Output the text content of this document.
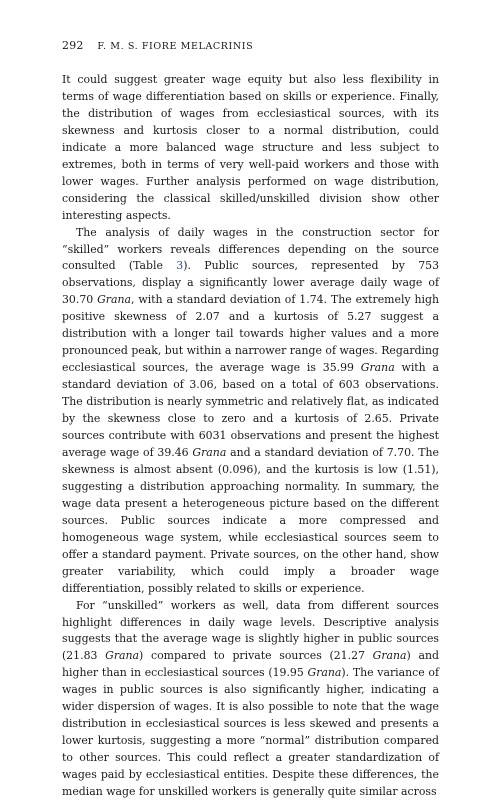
292 F. M. S. FIORE MELACRINIS

It could suggest greater wage equity but also less flexibility in terms of wage differentiation based on skills or experience. Finally, the distribution of wages from ecclesiastical sources, with its skewness and kurtosis closer to a normal distribution, could indicate a more balanced wage structure and less subject to extremes, both in terms of very well-paid workers and those with lower wages. Further analysis performed on wage distribution, considering the classical skilled/unskilled division show other interesting aspects.

The analysis of daily wages in the construction sector for “skilled” workers reveals differences depending on the source consulted (Table 3). Public sources, represented by 753 observations, display a significantly lower average daily wage of 30.70 Grana, with a standard deviation of 1.74. The extremely high positive skewness of 2.07 and a kurtosis of 5.27 suggest a distribution with a longer tail towards higher values and a more pronounced peak, but within a narrower range of wages. Regarding ecclesiastical sources, the average wage is 35.99 Grana with a standard deviation of 3.06, based on a total of 603 observations. The distribution is nearly symmetric and relatively flat, as indicated by the skewness close to zero and a kurtosis of 2.65. Private sources contribute with 6031 observations and present the highest average wage of 39.46 Grana and a standard deviation of 7.70. The skewness is almost absent (0.096), and the kurtosis is low (1.51), suggesting a distribution approaching normality. In summary, the wage data present a heterogeneous picture based on the different sources. Public sources indicate a more compressed and homogeneous wage system, while ecclesiastical sources seem to offer a standard payment. Private sources, on the other hand, show greater variability, which could imply a broader wage differentiation, possibly related to skills or experience.

For “unskilled” workers as well, data from different sources highlight differences in daily wage levels. Descriptive analysis suggests that the average wage is slightly higher in public sources (21.83 Grana) compared to private sources (21.27 Grana) and higher than in ecclesiastical sources (19.95 Grana). The variance of wages in public sources is also significantly higher, indicating a wider dispersion of wages. It is also possible to note that the wage distribution in ecclesiastical sources is less skewed and presents a lower kurtosis, suggesting a more “normal” distribution compared to other sources. This could reflect a greater standardization of wages paid by ecclesiastical entities. Despite these differences, the median wage for unskilled workers is generally quite similar across
